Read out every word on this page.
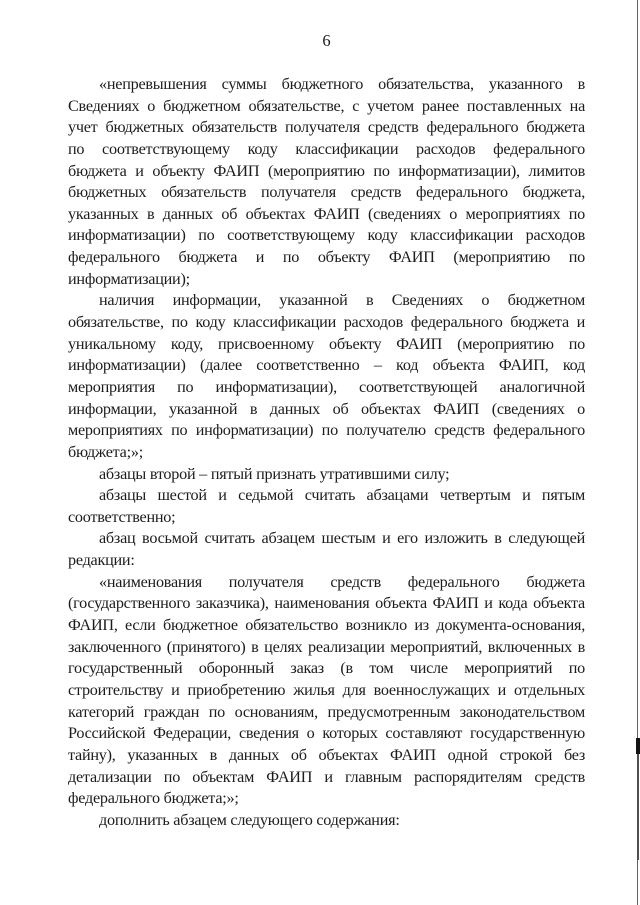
6
«непревышения суммы бюджетного обязательства, указанного в
Сведениях о бюджетном обязательстве, с учетом ранее поставленных на
учет бюджетных обязательств получателя средств федерального бюджета
по соответствующему коду классификации расходов федерального
бюджета и объекту ФАИП (мероприятию по информатизации), лимитов
бюджетных обязательств получателя средств федерального бюджета,
указанных в данных об объектах ФАИП (сведениях о мероприятиях по
информатизации) по соответствующему коду классификации расходов
федерального бюджета и по объекту ФАИП (мероприятию по
информатизации);
наличия информации, указанной в Сведениях о бюджетном
обязательстве, по коду классификации расходов федерального бюджета и
уникальному коду, присвоенному объекту ФАИП (мероприятию по
информатизации) (далее соответственно – код объекта ФАИП, код
мероприятия по информатизации), соответствующей аналогичной
информации, указанной в данных об объектах ФАИП (сведениях о
мероприятиях по информатизации) по получателю средств федерального
бюджета;»;
абзацы второй – пятый признать утратившими силу;
абзацы шестой и седьмой считать абзацами четвертым и пятым
соответственно;
абзац восьмой считать абзацем шестым и его изложить в следующей
редакции:
«наименования получателя средств федерального бюджета
(государственного заказчика), наименования объекта ФАИП и кода объекта
ФАИП, если бюджетное обязательство возникло из документа-основания,
заключенного (принятого) в целях реализации мероприятий, включенных в
государственный оборонный заказ (в том числе мероприятий по
строительству и приобретению жилья для военнослужащих и отдельных
категорий граждан по основаниям, предусмотренным законодательством
Российской Федерации, сведения о которых составляют государственную
тайну), указанных в данных об объектах ФАИП одной строкой без
детализации по объектам ФАИП и главным распорядителям средств
федерального бюджета;»;
дополнить абзацем следующего содержания:
